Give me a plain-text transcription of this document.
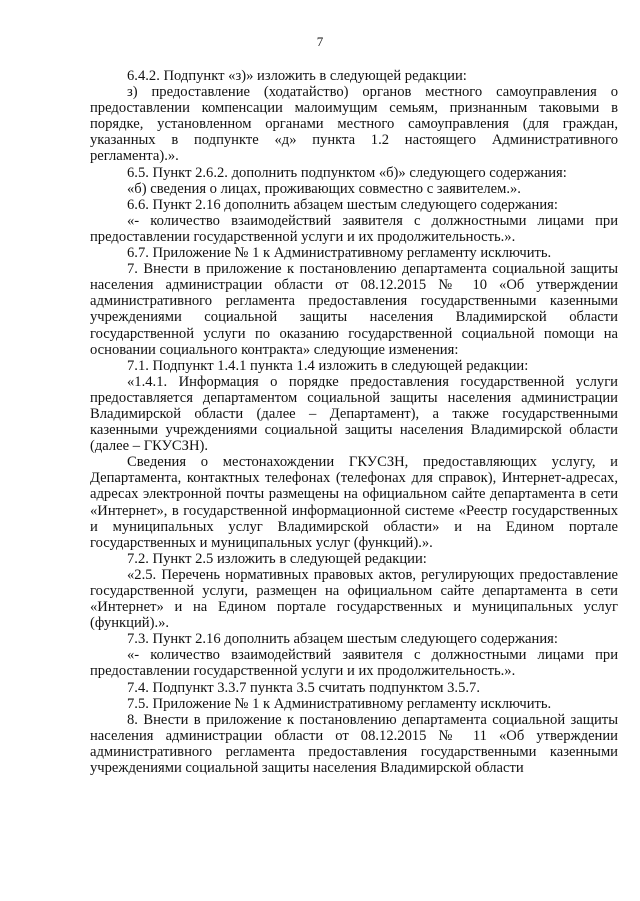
7

6.4.2. Подпункт «з)» изложить в следующей редакции:

з) предоставление (ходатайство) органов местного самоуправления о предоставлении компенсации малоимущим семьям, признанным таковыми в порядке, установленном органами местного самоуправления (для граждан, указанных в подпункте «д» пункта 1.2 настоящего Административного регламента).».

6.5. Пункт 2.6.2. дополнить подпунктом «б)» следующего содержания:

«б) сведения о лицах, проживающих совместно с заявителем.».

6.6. Пункт 2.16 дополнить абзацем шестым следующего содержания:

«- количество взаимодействий заявителя с должностными лицами при предоставлении государственной услуги и их продолжительность.».

6.7. Приложение № 1 к Административному регламенту исключить.

7. Внести в приложение к постановлению департамента социальной защиты населения администрации области от 08.12.2015 № 10 «Об утверждении административного регламента предоставления государственными казенными учреждениями социальной защиты населения Владимирской области государственной услуги по оказанию государственной социальной помощи на основании социального контракта» следующие изменения:

7.1. Подпункт 1.4.1 пункта 1.4 изложить в следующей редакции:

«1.4.1. Информация о порядке предоставления государственной услуги предоставляется департаментом социальной защиты населения администрации Владимирской области (далее – Департамент), а также государственными казенными учреждениями социальной защиты населения Владимирской области (далее – ГКУСЗН).

Сведения о местонахождении ГКУСЗН, предоставляющих услугу, и Департамента, контактных телефонах (телефонах для справок), Интернет-адресах, адресах электронной почты размещены на официальном сайте департамента в сети «Интернет», в государственной информационной системе «Реестр государственных и муниципальных услуг Владимирской области» и на Едином портале государственных и муниципальных услуг (функций).».

7.2. Пункт 2.5 изложить в следующей редакции:

«2.5. Перечень нормативных правовых актов, регулирующих предоставление государственной услуги, размещен на официальном сайте департамента в сети «Интернет» и на Едином портале государственных и муниципальных услуг (функций).».

7.3. Пункт 2.16 дополнить абзацем шестым следующего содержания:

«- количество взаимодействий заявителя с должностными лицами при предоставлении государственной услуги и их продолжительность.».

7.4. Подпункт 3.3.7 пункта 3.5 считать подпунктом 3.5.7.

7.5. Приложение № 1 к Административному регламенту исключить.

8. Внести в приложение к постановлению департамента социальной защиты населения администрации области от 08.12.2015 № 11 «Об утверждении административного регламента предоставления государственными казенными учреждениями социальной защиты населения Владимирской области
